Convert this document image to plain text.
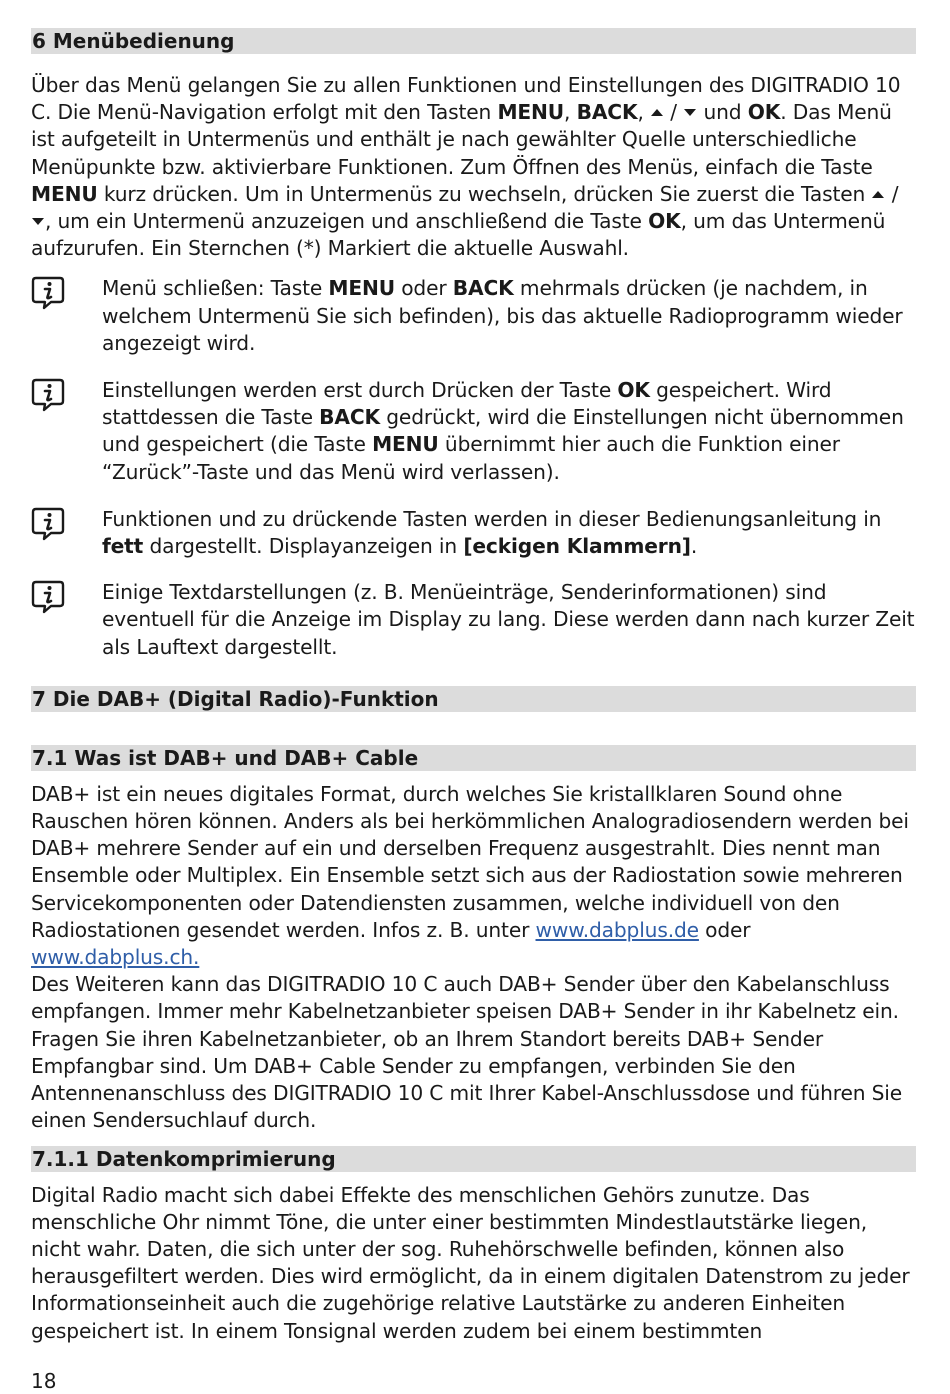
6 Menübedienung

Über das Menü gelangen Sie zu allen Funktionen und Einstellungen des DIGITRADIO 10 C. Die Menü-Navigation erfolgt mit den Tasten MENU, BACK,  /  und OK. Das Menü ist aufgeteilt in Untermenüs und enthält je nach gewählter Quelle unterschiedliche Menüpunkte bzw. aktivierbare Funktionen. Zum Öffnen des Menüs, einfach die Taste MENU kurz drücken. Um in Untermenüs zu wechseln, drücken Sie zuerst die Tasten  / , um ein Untermenü anzuzeigen und anschließend die Taste OK, um das Untermenü aufzurufen. Ein Sternchen (*) Markiert die aktuelle Auswahl.

Menü schließen: Taste MENU oder BACK mehrmals drücken (je nachdem, in welchem Untermenü Sie sich befinden), bis das aktuelle Radioprogramm wieder angezeigt wird.

Einstellungen werden erst durch Drücken der Taste OK gespeichert. Wird stattdessen die Taste BACK gedrückt, wird die Einstellungen nicht übernommen und gespeichert (die Taste MENU übernimmt hier auch die Funktion einer “Zurück”-Taste und das Menü wird verlassen).

Funktionen und zu drückende Tasten werden in dieser Bedienungsanleitung in fett dargestellt. Displayanzeigen in [eckigen Klammern].

Einige Textdarstellungen (z. B. Menüeinträge, Senderinformationen) sind eventuell für die Anzeige im Display zu lang. Diese werden dann nach kurzer Zeit als Lauftext dargestellt.

7 Die DAB+ (Digital Radio)-Funktion
7.1 Was ist DAB+ und DAB+ Cable

DAB+ ist ein neues digitales Format, durch welches Sie kristallklaren Sound ohne Rauschen hören können. Anders als bei herkömmlichen Analogradiosendern werden bei DAB+ mehrere Sender auf ein und derselben Frequenz ausgestrahlt. Dies nennt man Ensemble oder Multiplex. Ein Ensemble setzt sich aus der Radiostation sowie mehreren Servicekomponenten oder Datendiensten zusammen, welche individuell von den Radiostationen gesendet werden. Infos z. B. unter www.dabplus.de oder www.dabplus.ch.

Des Weiteren kann das DIGITRADIO 10 C auch DAB+ Sender über den Kabelanschluss empfangen. Immer mehr Kabelnetzanbieter speisen DAB+ Sender in ihr Kabelnetz ein. Fragen Sie ihren Kabelnetzanbieter, ob an Ihrem Standort bereits DAB+ Sender Empfangbar sind. Um DAB+ Cable Sender zu empfangen, verbinden Sie den Antennenanschluss des DIGITRADIO 10 C mit Ihrer Kabel-Anschlussdose und führen Sie einen Sendersuchlauf durch.

7.1.1 Datenkomprimierung

Digital Radio macht sich dabei Effekte des menschlichen Gehörs zunutze. Das menschliche Ohr nimmt Töne, die unter einer bestimmten Mindestlautstärke liegen, nicht wahr. Daten, die sich unter der sog. Ruhehörschwelle befinden, können also herausgefiltert werden. Dies wird ermöglicht, da in einem digitalen Datenstrom zu jeder Informationseinheit auch die zugehörige relative Lautstärke zu anderen Einheiten gespeichert ist. In einem Tonsignal werden zudem bei einem bestimmten

18
